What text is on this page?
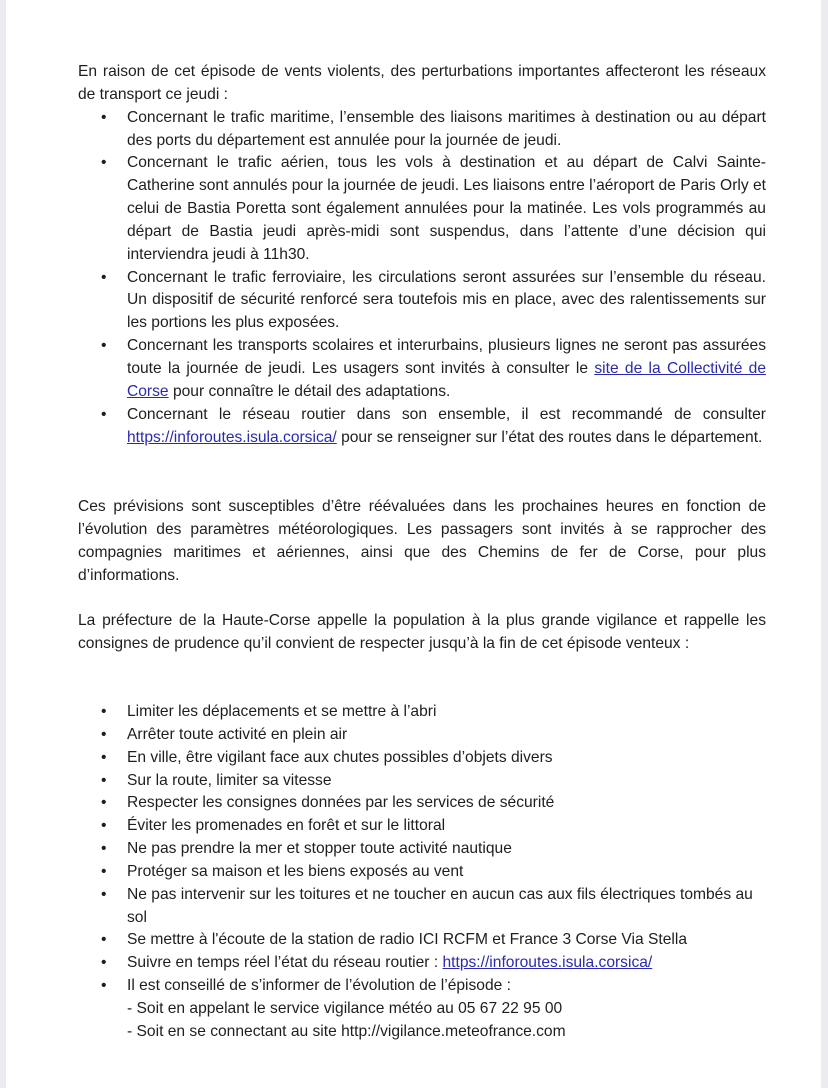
En raison de cet épisode de vents violents, des perturbations importantes affecteront les réseaux de transport ce jeudi :

• Concernant le trafic maritime, l’ensemble des liaisons maritimes à destination ou au départ des ports du département est annulée pour la journée de jeudi.
• Concernant le trafic aérien, tous les vols à destination et au départ de Calvi Sainte-Catherine sont annulés pour la journée de jeudi. Les liaisons entre l’aéroport de Paris Orly et celui de Bastia Poretta sont également annulées pour la matinée. Les vols programmés au départ de Bastia jeudi après-midi sont suspendus, dans l’attente d’une décision qui interviendra jeudi à 11h30.
• Concernant le trafic ferroviaire, les circulations seront assurées sur l’ensemble du réseau. Un dispositif de sécurité renforcé sera toutefois mis en place, avec des ralentissements sur les portions les plus exposées.
• Concernant les transports scolaires et interurbains, plusieurs lignes ne seront pas assurées toute la journée de jeudi. Les usagers sont invités à consulter le site de la Collectivité de Corse pour connaître le détail des adaptations.
• Concernant le réseau routier dans son ensemble, il est recommandé de consulter https://inforoutes.isula.corsica/ pour se renseigner sur l’état des routes dans le département.

Ces prévisions sont susceptibles d’être réévaluées dans les prochaines heures en fonction de l’évolution des paramètres météorologiques. Les passagers sont invités à se rapprocher des compagnies maritimes et aériennes, ainsi que des Chemins de fer de Corse, pour plus d’informations.

La préfecture de la Haute-Corse appelle la population à la plus grande vigilance et rappelle les consignes de prudence qu’il convient de respecter jusqu’à la fin de cet épisode venteux :

• Limiter les déplacements et se mettre à l’abri
• Arrêter toute activité en plein air
• En ville, être vigilant face aux chutes possibles d’objets divers
• Sur la route, limiter sa vitesse
• Respecter les consignes données par les services de sécurité
• Éviter les promenades en forêt et sur le littoral
• Ne pas prendre la mer et stopper toute activité nautique
• Protéger sa maison et les biens exposés au vent
• Ne pas intervenir sur les toitures et ne toucher en aucun cas aux fils électriques tombés au sol
• Se mettre à l'écoute de la station de radio ICI RCFM et France 3 Corse Via Stella
• Suivre en temps réel l’état du réseau routier : https://inforoutes.isula.corsica/
• Il est conseillé de s’informer de l’évolution de l’épisode :
- Soit en appelant le service vigilance météo au 05 67 22 95 00
- Soit en se connectant au site http://vigilance.meteofrance.com
